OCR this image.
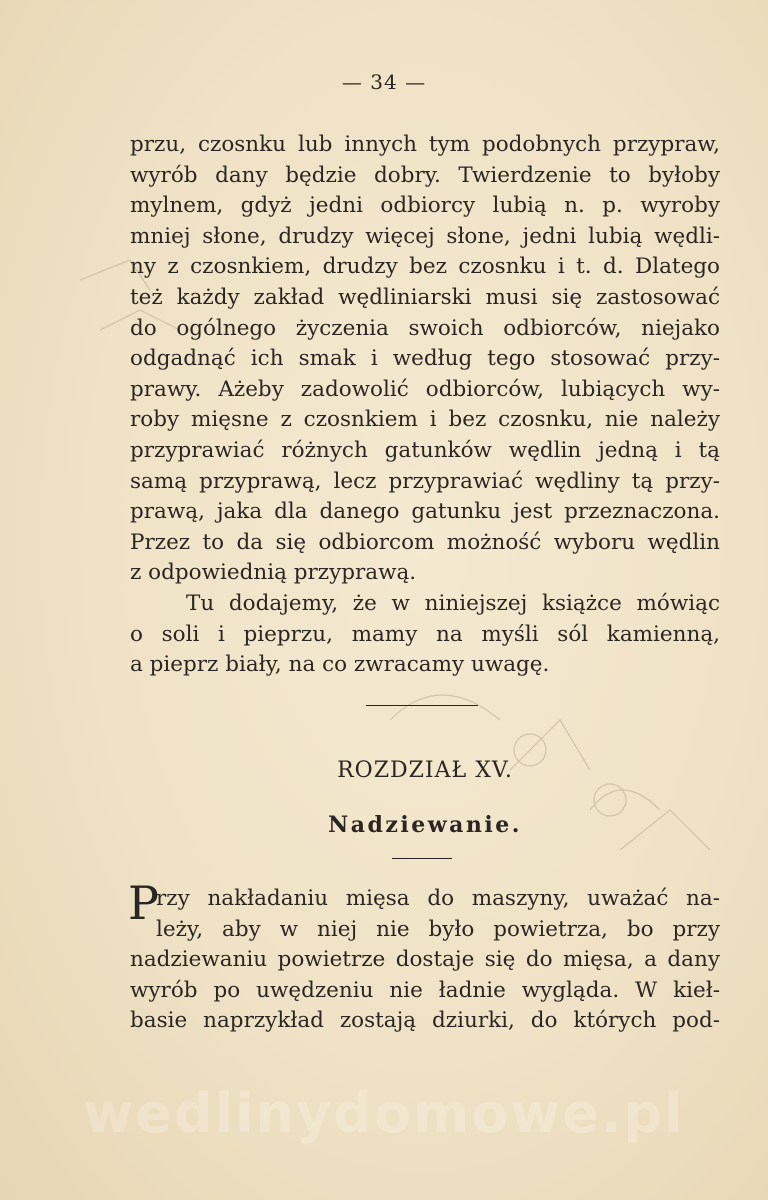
— 34 —
przu, czosnku lub innych tym podobnych przypraw,
wyrób dany będzie dobry. Twierdzenie to byłoby
mylnem, gdyż jedni odbiorcy lubią n. p. wyroby
mniej słone, drudzy więcej słone, jedni lubią wędli-
ny z czosnkiem, drudzy bez czosnku i t. d. Dlatego
też każdy zakład wędliniarski musi się zastosować
do ogólnego życzenia swoich odbiorców, niejako
odgadnąć ich smak i według tego stosować przy-
prawy. Ażeby zadowolić odbiorców, lubiących wy-
roby mięsne z czosnkiem i bez czosnku, nie należy
przyprawiać różnych gatunków wędlin jedną i tą
samą przyprawą, lecz przyprawiać wędliny tą przy-
prawą, jaka dla danego gatunku jest przeznaczona.
Przez to da się odbiorcom możność wyboru wędlin
z odpowiednią przyprawą.
Tu dodajemy, że w niniejszej książce mówiąc
o soli i pieprzu, mamy na myśli sól kamienną,
a pieprz biały, na co zwracamy uwagę.
ROZDZIAŁ XV.
Nadziewanie.
P
rzy nakładaniu mięsa do maszyny, uważać na-
leży, aby w niej nie było powietrza, bo przy
nadziewaniu powietrze dostaje się do mięsa, a dany
wyrób po uwędzeniu nie ładnie wygląda. W kieł-
basie naprzykład zostają dziurki, do których pod-
wedlinydomowe.pl
